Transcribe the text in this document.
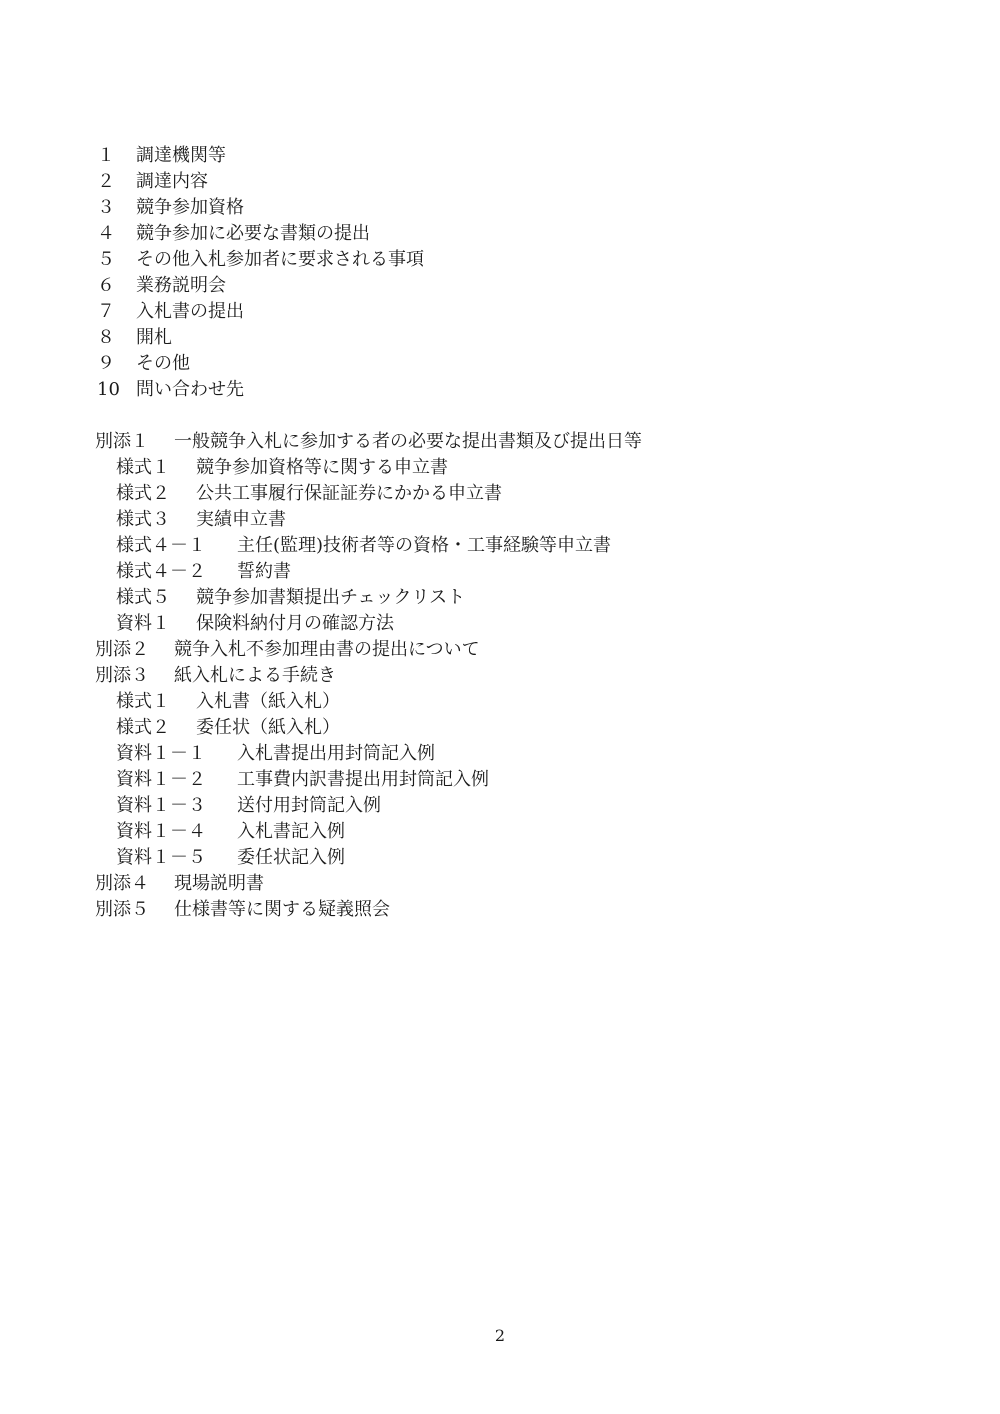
１	調達機関等
２	調達内容
３	競争参加資格
４	競争参加に必要な書類の提出
５	その他入札参加者に要求される事項
６	業務説明会
７	入札書の提出
８	開札
９	その他
10 問い合わせ先
別添１	一般競争入札に参加する者の必要な提出書類及び提出日等
様式１	競争参加資格等に関する申立書
様式２	公共工事履行保証証券にかかる申立書
様式３	実績申立書
様式４－１	主任(監理)技術者等の資格・工事経験等申立書
様式４－２	誓約書
様式５	競争参加書類提出チェックリスト
資料１	保険料納付月の確認方法
別添２	競争入札不参加理由書の提出について
別添３	紙入札による手続き
様式１	入札書（紙入札）
様式２	委任状（紙入札）
資料１－１	入札書提出用封筒記入例
資料１－２	工事費内訳書提出用封筒記入例
資料１－３	送付用封筒記入例
資料１－４	入札書記入例
資料１－５	委任状記入例
別添４	現場説明書
別添５	仕様書等に関する疑義照会
2
